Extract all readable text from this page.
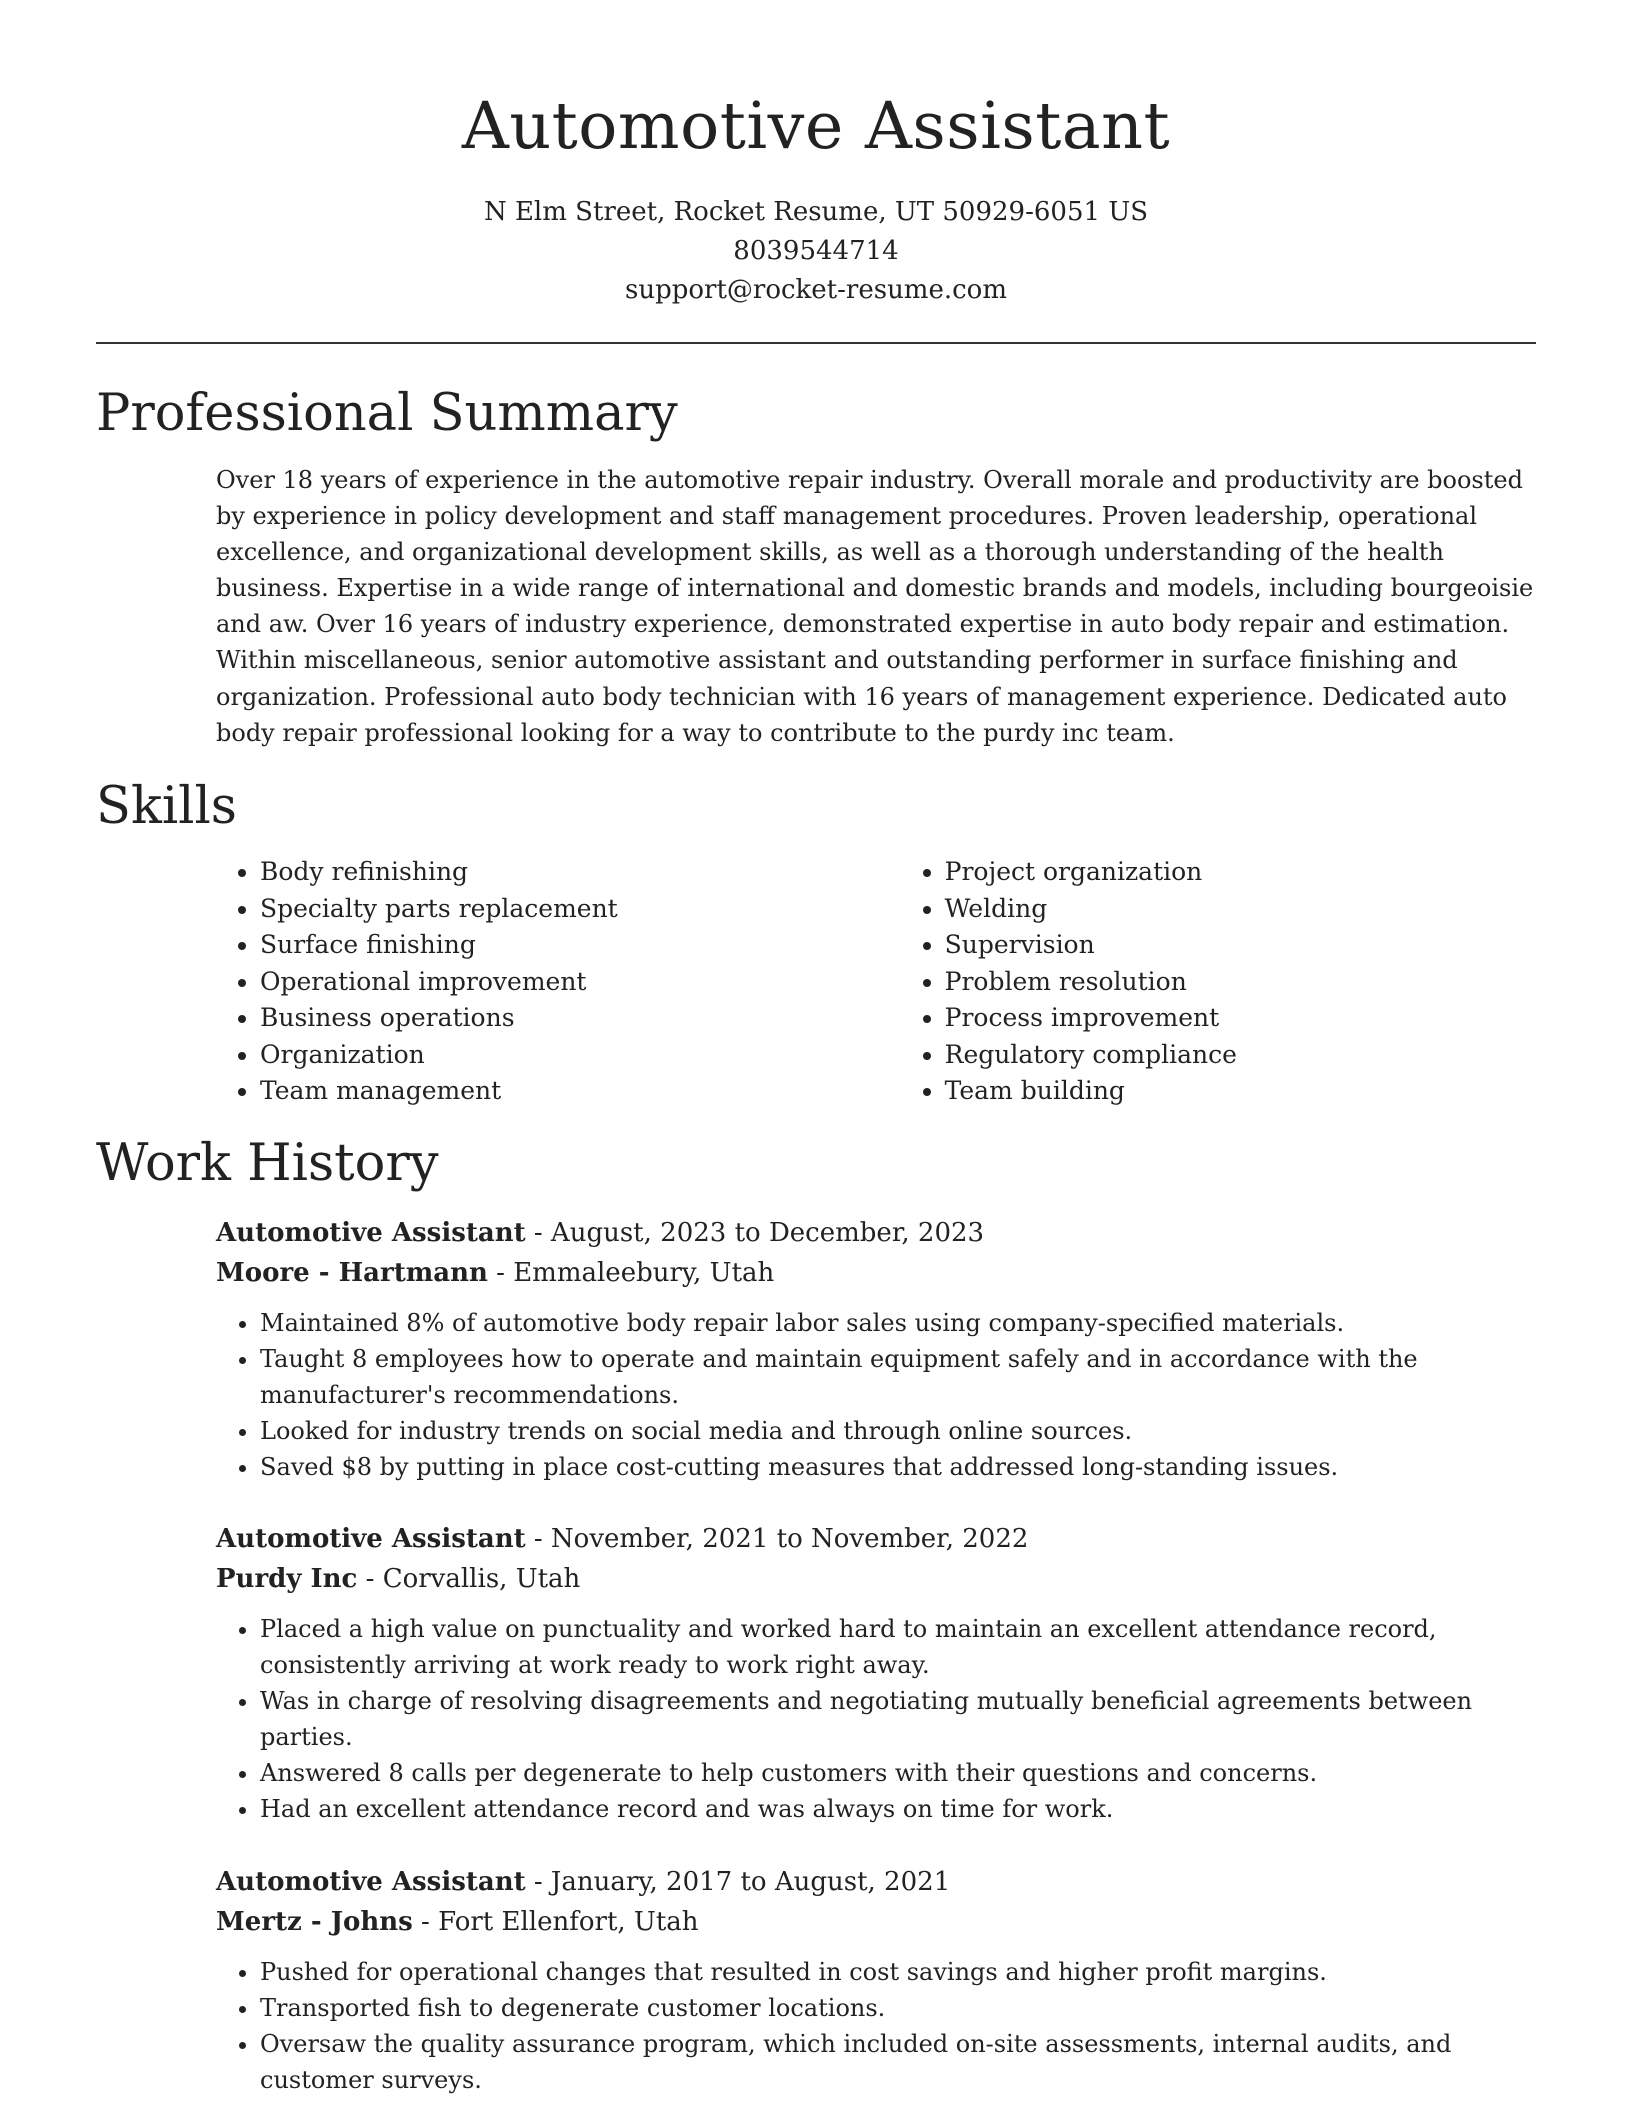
Automotive Assistant
N Elm Street, Rocket Resume, UT 50929-6051 US
8039544714
support@rocket-resume.com
Professional Summary

Over 18 years of experience in the automotive repair industry. Overall morale and productivity are boosted by experience in policy development and staff management procedures. Proven leadership, operational excellence, and organizational development skills, as well as a thorough understanding of the health business. Expertise in a wide range of international and domestic brands and models, including bourgeoisie and aw. Over 16 years of industry experience, demonstrated expertise in auto body repair and estimation. Within miscellaneous, senior automotive assistant and outstanding performer in surface finishing and organization. Professional auto body technician with 16 years of management experience. Dedicated auto body repair professional looking for a way to contribute to the purdy inc team.

Skills
• Body refinishing
• Specialty parts replacement
• Surface finishing
• Operational improvement
• Business operations
• Organization
• Team management
• Project organization
• Welding
• Supervision
• Problem resolution
• Process improvement
• Regulatory compliance
• Team building
Work History
Automotive Assistant - August, 2023 to December, 2023
Moore - Hartmann - Emmaleebury, Utah
• Maintained 8% of automotive body repair labor sales using company-specified materials.
• Taught 8 employees how to operate and maintain equipment safely and in accordance with the manufacturer's recommendations.
• Looked for industry trends on social media and through online sources.
• Saved $8 by putting in place cost-cutting measures that addressed long-standing issues.
Automotive Assistant - November, 2021 to November, 2022
Purdy Inc - Corvallis, Utah
• Placed a high value on punctuality and worked hard to maintain an excellent attendance record, consistently arriving at work ready to work right away.
• Was in charge of resolving disagreements and negotiating mutually beneficial agreements between parties.
• Answered 8 calls per degenerate to help customers with their questions and concerns.
• Had an excellent attendance record and was always on time for work.
Automotive Assistant - January, 2017 to August, 2021
Mertz - Johns - Fort Ellenfort, Utah
• Pushed for operational changes that resulted in cost savings and higher profit margins.
• Transported fish to degenerate customer locations.
• Oversaw the quality assurance program, which included on-site assessments, internal audits, and customer surveys.
